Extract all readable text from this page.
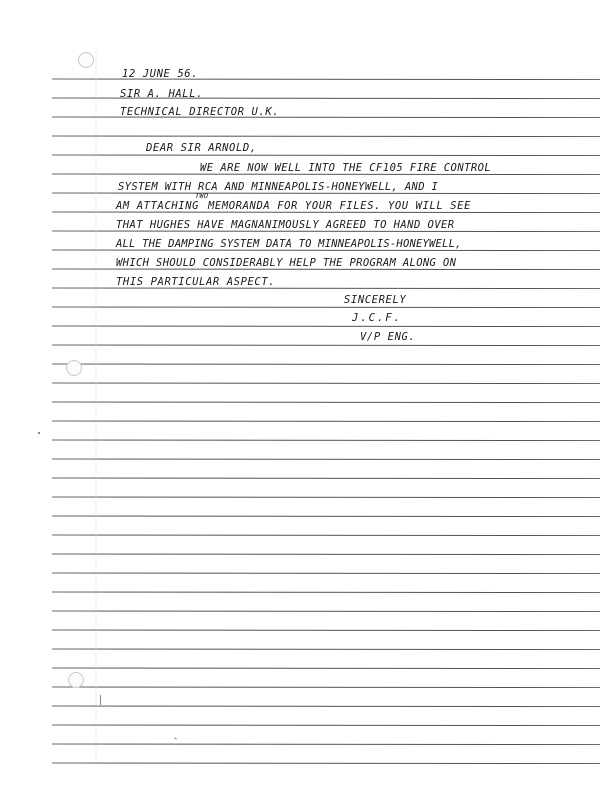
12 JUNE 56.
SIR A. HALL.
TECHNICAL DIRECTOR U.K.
DEAR SIR ARNOLD,
WE ARE NOW WELL INTO THE CF105 FIRE CONTROL
SYSTEM WITH RCA AND MINNEAPOLIS-HONEYWELL, AND I
AM ATTACHING
TWO
MEMORANDA FOR YOUR FILES. YOU WILL SEE
THAT HUGHES HAVE MAGNANIMOUSLY AGREED TO HAND OVER
ALL THE DAMPING SYSTEM DATA TO MINNEAPOLIS-HONEYWELL,
WHICH SHOULD CONSIDERABLY HELP THE PROGRAM ALONG ON
THIS PARTICULAR ASPECT.
SINCERELY
J.C.F.
V/P ENG.
